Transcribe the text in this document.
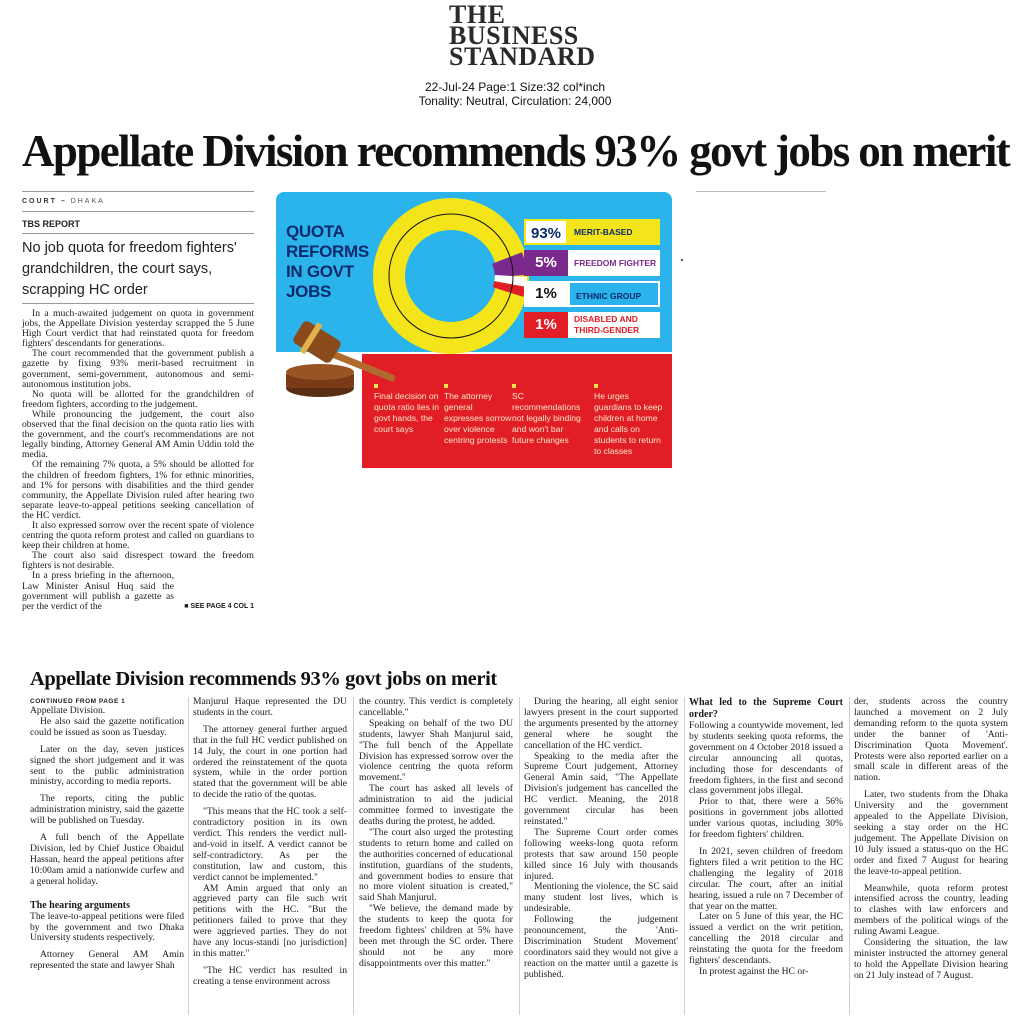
THE
BUSINESS
STANDARD
22-Jul-24 Page:1 Size:32 col*inch
Tonality: Neutral, Circulation: 24,000
Appellate Division recommends 93% govt jobs on merit
COURT – DHAKA
TBS REPORT
No job quota for freedom fighters' grandchildren, the court says, scrapping HC order

In a much-awaited judgement on quota in government jobs, the Appellate Division yesterday scrapped the 5 June High Court verdict that had reinstated quota for freedom fighters' descendants for generations.

The court recommended that the government publish a gazette by fixing 93% merit-based recruitment in government, semi-government, autonomous and semi-autonomous institution jobs.

No quota will be allotted for the grandchildren of freedom fighters, according to the judgement.

While pronouncing the judgement, the court also observed that the final decision on the quota ratio lies with the government, and the court's recommendations are not legally binding, Attorney General AM Amin Uddin told the media.

Of the remaining 7% quota, a 5% should be allotted for the children of freedom fighters, 1% for ethnic minorities, and 1% for persons with disabilities and the third gender community, the Appellate Division ruled after hearing two separate leave-to-appeal petitions seeking cancellation of the HC verdict.

It also expressed sorrow over the recent spate of violence centring the quota reform protest and called on guardians to keep their children at home.

The court also said disrespect toward the freedom fighters is not desirable.

In a press briefing in the afternoon, Law Minister Anisul Huq said the government will publish a gazette as per the verdict of the	■ SEE PAGE 4 COL 1
QUOTA
REFORMS
IN GOVT
JOBS
93%	MERIT-BASED
5%	FREEDOM FIGHTER
1%	ETHNIC GROUP
1%	DISABLED AND THIRD-GENDER
Final decision on quota ratio lies in govt hands, the court says
The attorney general expresses sorrow over violence centring protests
SC recommendations not legally binding and won't bar future changes
He urges guardians to keep children at home and calls on students to return to classes
Appellate Division recommends 93% govt jobs on merit
CONTINUED FROM PAGE 1

Appellate Division.

He also said the gazette notification could be issued as soon as Tuesday.

Later on the day, seven justices signed the short judgement and it was sent to the public administration ministry, according to media reports.

The reports, citing the public administration ministry, said the gazette will be published on Tuesday.

A full bench of the Appellate Division, led by Chief Justice Obaidul Hassan, heard the appeal petitions after 10:00am amid a nationwide curfew and a general holiday.

The hearing arguments

The leave-to-appeal petitions were filed by the government and two Dhaka University students respectively.

Attorney General AM Amin represented the state and lawyer Shah

Manjurul Haque represented the DU students in the court.

The attorney general further argued that in the full HC verdict published on 14 July, the court in one portion had ordered the reinstatement of the quota system, while in the order portion stated that the government will be able to decide the ratio of the quotas.

"This means that the HC took a self-contradictory position in its own verdict. This renders the verdict null-and-void in itself. A verdict cannot be self-contradictory. As per the constitution, law and custom, this verdict cannot be implemented."

AM Amin argued that only an aggrieved party can file such writ petitions with the HC. "But the petitioners failed to prove that they were aggrieved parties. They do not have any locus-standi [no jurisdiction] in this matter."

"The HC verdict has resulted in creating a tense environment across

the country. This verdict is completely cancellable."

Speaking on behalf of the two DU students, lawyer Shah Manjurul said, "The full bench of the Appellate Division has expressed sorrow over the violence centring the quota reform movement."

The court has asked all levels of administration to aid the judicial committee formed to investigate the deaths during the protest, he added.

"The court also urged the protesting students to return home and called on the authorities concerned of educational institution, guardians of the students, and government bodies to ensure that no more violent situation is created," said Shah Manjurul.

"We believe, the demand made by the students to keep the quota for freedom fighters' children at 5% have been met through the SC order. There should not be any more disappointments over this matter."

During the hearing, all eight senior lawyers present in the court supported the arguments presented by the attorney general where he sought the cancellation of the HC verdict.

Speaking to the media after the Supreme Court judgement, Attorney General Amin said, "The Appellate Division's judgement has cancelled the HC verdict. Meaning, the 2018 government circular has been reinstated."

The Supreme Court order comes following weeks-long quota reform protests that saw around 150 people killed since 16 July with thousands injured.

Mentioning the violence, the SC said many student lost lives, which is undesirable.

Following the judgement pronouncement, the 'Anti-Discrimination Student Movement' coordinators said they would not give a reaction on the matter until a gazette is published.

What led to the Supreme Court order?

Following a countywide movement, led by students seeking quota reforms, the government on 4 October 2018 issued a circular announcing all quotas, including those for descendants of freedom fighters, in the first and second class government jobs illegal.

Prior to that, there were a 56% positions in government jobs allotted under various quotas, including 30% for freedom fighters' children.

In 2021, seven children of freedom fighters filed a writ petition to the HC challenging the legality of 2018 circular. The court, after an initial hearing, issued a rule on 7 December of that year on the matter.

Later on 5 June of this year, the HC issued a verdict on the writ petition, cancelling the 2018 circular and reinstating the quota for the freedom fighters' descendants.

In protest against the HC or-

der, students across the country launched a movement on 2 July demanding reform to the quota system under the banner of 'Anti-Discrimination Quota Movement'. Protests were also reported earlier on a small scale in different areas of the nation.

Later, two students from the Dhaka University and the government appealed to the Appellate Division, seeking a stay order on the HC judgement. The Appellate Division on 10 July issued a status-quo on the HC order and fixed 7 August for hearing the leave-to-appeal petition.

Meanwhile, quota reform protest intensified across the country, leading to clashes with law enforcers and members of the political wings of the ruling Awami League.

Considering the situation, the law minister instructed the attorney general to hold the Appellate Division hearing on 21 July instead of 7 August.
